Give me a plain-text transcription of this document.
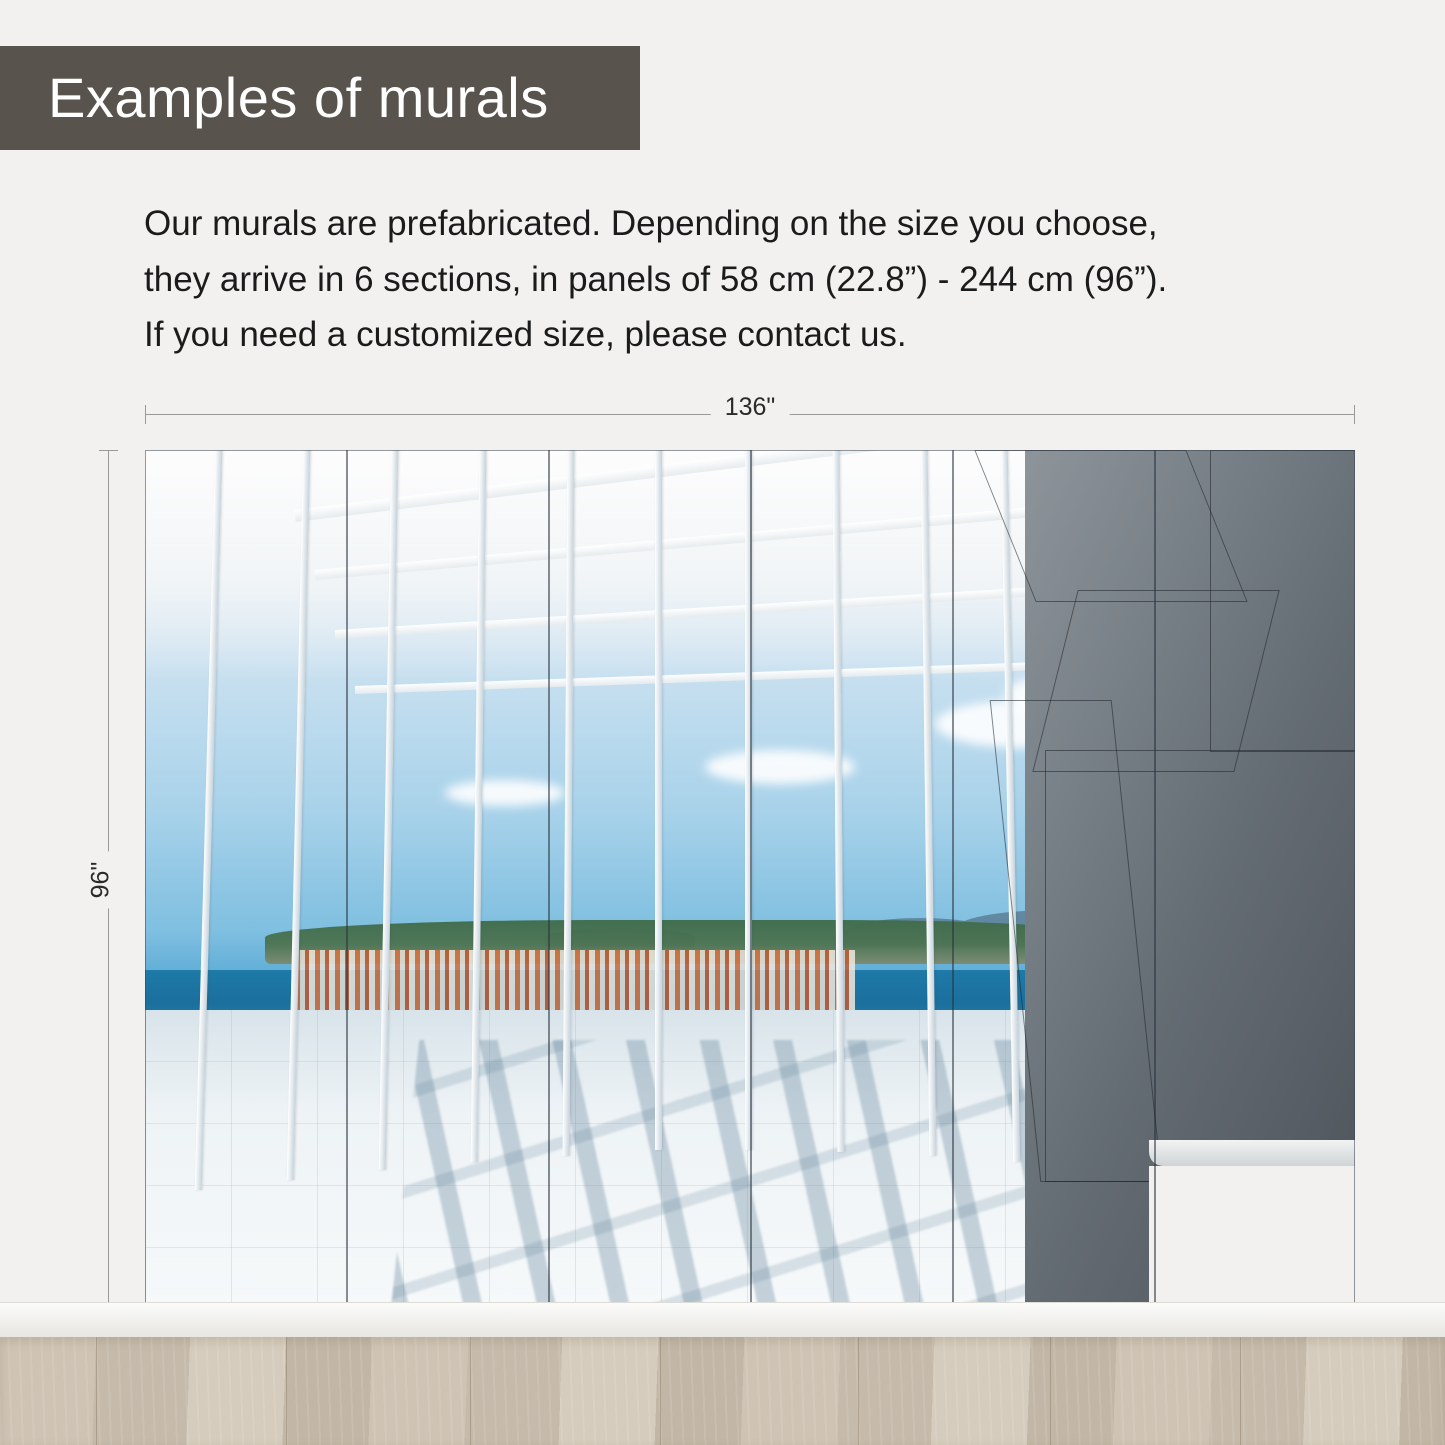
Examples of murals
Our murals are prefabricated. Depending on the size you choose,
they arrive in 6 sections, in panels of 58 cm (22.8”) - 244 cm (96”).
If you need a customized size, please contact us.
136"
96"
